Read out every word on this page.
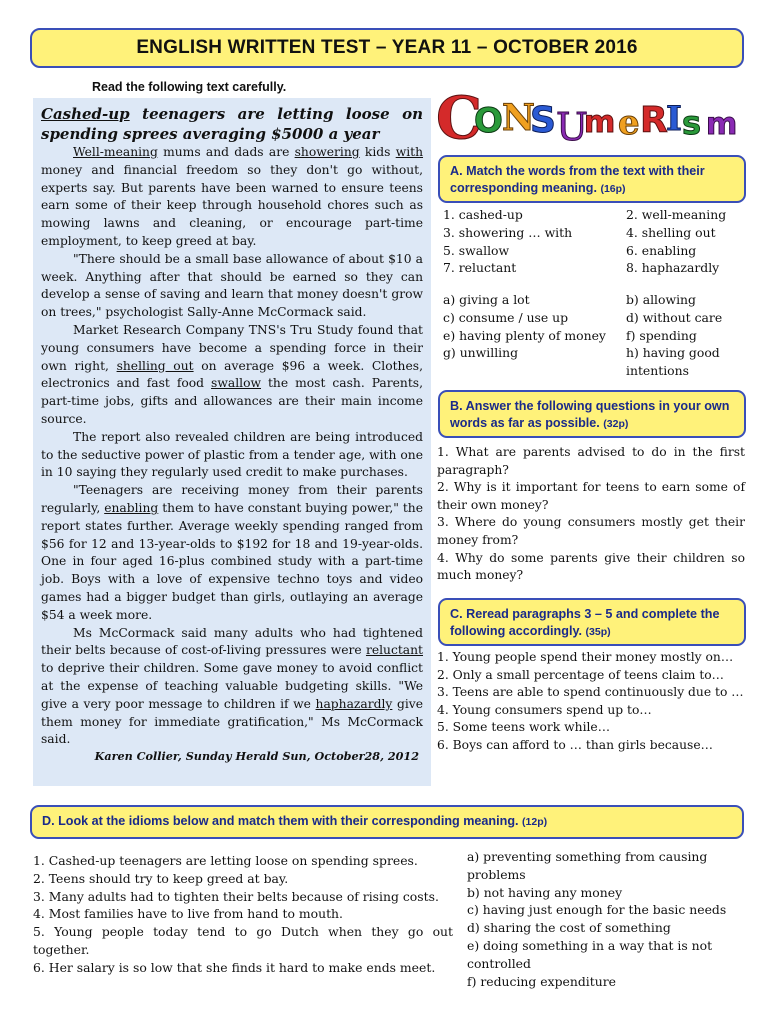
ENGLISH WRITTEN TEST – YEAR 11 – OCTOBER 2016
Read the following text carefully.

Cashed-up teenagers are letting loose on spending sprees averaging $5000 a year

Well-meaning mums and dads are showering kids with money and financial freedom so they don't go without, experts say. But parents have been warned to ensure teens earn some of their keep through household chores such as mowing lawns and cleaning, or encourage part-time employment, to keep greed at bay.

"There should be a small base allowance of about $10 a week. Anything after that should be earned so they can develop a sense of saving and learn that money doesn't grow on trees," psychologist Sally-Anne McCormack said.

Market Research Company TNS's Tru Study found that young consumers have become a spending force in their own right, shelling out on average $96 a week. Clothes, electronics and fast food swallow the most cash. Parents, part-time jobs, gifts and allowances are their main income source.

The report also revealed children are being introduced to the seductive power of plastic from a tender age, with one in 10 saying they regularly used credit to make purchases.

"Teenagers are receiving money from their parents regularly, enabling them to have constant buying power," the report states further. Average weekly spending ranged from $56 for 12 and 13-year-olds to $192 for 18 and 19-year-olds. One in four aged 16-plus combined study with a part-time job. Boys with a love of expensive techno toys and video games had a bigger budget than girls, outlaying an average $54 a week more.

Ms McCormack said many adults who had tightened their belts because of cost-of-living pressures were reluctant to deprive their children. Some gave money to avoid conflict at the expense of teaching valuable budgeting skills. "We give a very poor message to children if we haphazardly give them money for immediate gratification," Ms McCormack said.

Karen Collier, Sunday Herald Sun, October28, 2012

C
O N
S U
m e R
I s m
A. Match the words from the text with their corresponding meaning. (16p)
1. cashed-up	2. well-meaning
3. showering … with	4. shelling out
5. swallow	6. enabling
7. reluctant	8. haphazardly
a) giving a lot	b) allowing
c) consume / use up	d) without care
e) having plenty of money	f) spending
g) unwilling	h) having good intentions
B. Answer the following questions in your own words as far as possible. (32p)
1. What are parents advised to do in the first paragraph?
2. Why is it important for teens to earn some of their own money?
3. Where do young consumers mostly get their money from?
4. Why do some parents give their children so much money?
C. Reread paragraphs 3 – 5 and complete the following accordingly. (35p)
1. Young people spend their money mostly on…
2. Only a small percentage of teens claim to…
3. Teens are able to spend continuously due to …
4. Young consumers spend up to…
5. Some teens work while…
6. Boys can afford to … than girls because…
D. Look at the idioms below and match them with their corresponding meaning. (12p)
1. Cashed-up teenagers are letting loose on spending sprees.
2. Teens should try to keep greed at bay.
3. Many adults had to tighten their belts because of rising costs.
4. Most families have to live from hand to mouth.
5. Young people today tend to go Dutch when they go out together.
6. Her salary is so low that she finds it hard to make ends meet.
a) preventing something from causing problems
b) not having any money
c) having just enough for the basic needs
d) sharing the cost of something
e) doing something in a way that is not controlled
f) reducing expenditure
